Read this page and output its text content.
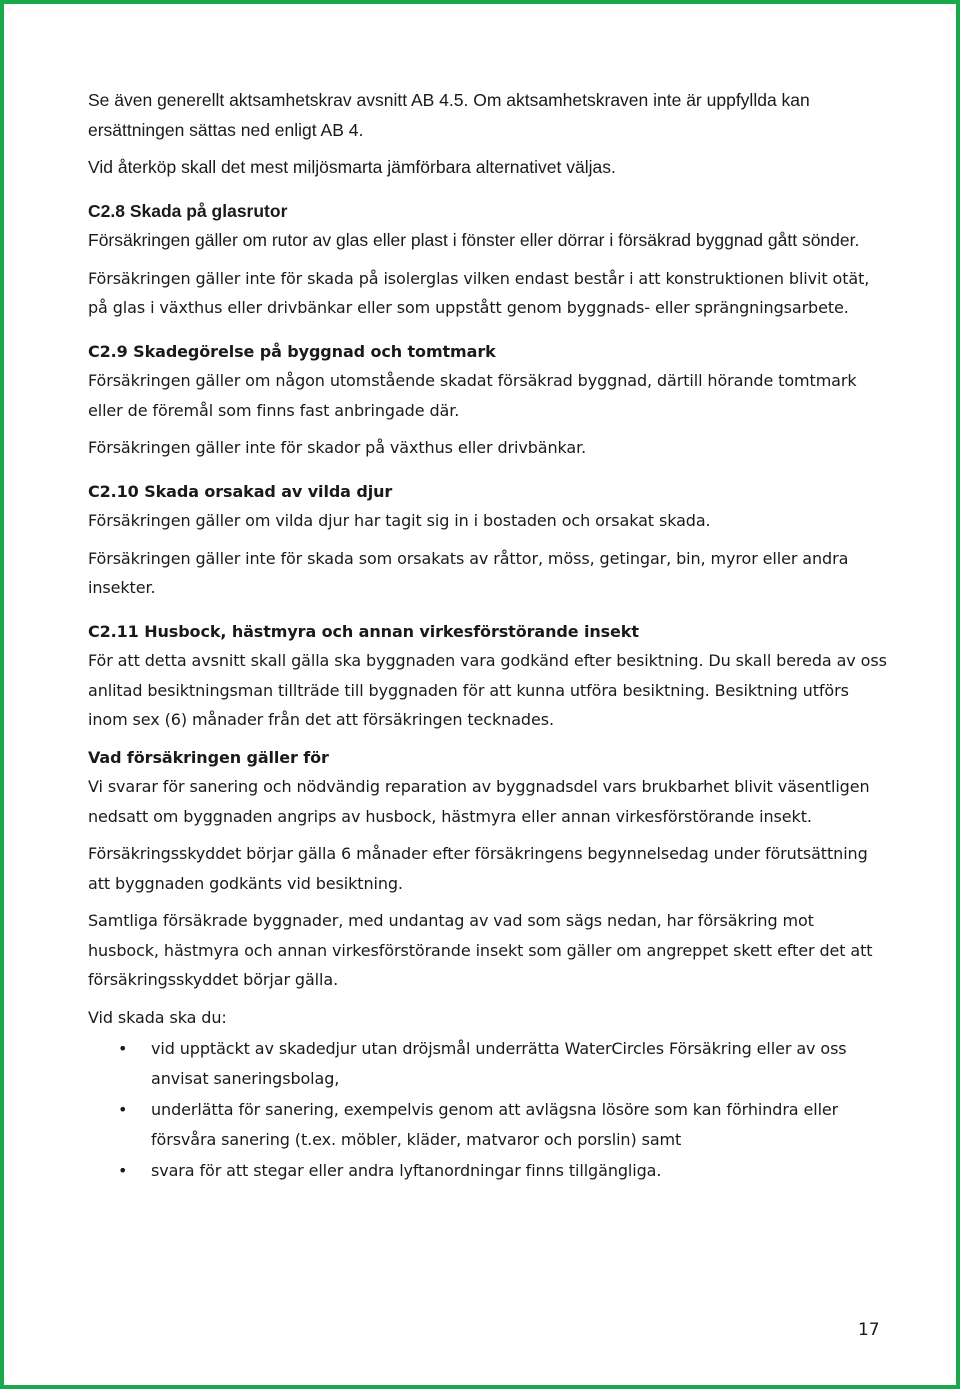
Se även generellt aktsamhetskrav avsnitt AB 4.5. Om aktsamhetskraven inte är uppfyllda kan ersättningen sättas ned enligt AB 4.

Vid återköp skall det mest miljösmarta jämförbara alternativet väljas.

C2.8 Skada på glasrutor

Försäkringen gäller om rutor av glas eller plast i fönster eller dörrar i försäkrad byggnad gått sönder.

Försäkringen gäller inte för skada på isolerglas vilken endast består i att konstruktionen blivit otät, på glas i växthus eller drivbänkar eller som uppstått genom byggnads- eller sprängningsarbete.

C2.9 Skadegörelse på byggnad och tomtmark

Försäkringen gäller om någon utomstående skadat försäkrad byggnad, därtill hörande tomtmark eller de föremål som finns fast anbringade där.

Försäkringen gäller inte för skador på växthus eller drivbänkar.

C2.10 Skada orsakad av vilda djur

Försäkringen gäller om vilda djur har tagit sig in i bostaden och orsakat skada.

Försäkringen gäller inte för skada som orsakats av råttor, möss, getingar, bin, myror eller andra insekter.

C2.11 Husbock, hästmyra och annan virkesförstörande insekt

För att detta avsnitt skall gälla ska byggnaden vara godkänd efter besiktning. Du skall bereda av oss anlitad besiktningsman tillträde till byggnaden för att kunna utföra besiktning. Besiktning utförs inom sex (6) månader från det att försäkringen tecknades.

Vad försäkringen gäller för

Vi svarar för sanering och nödvändig reparation av byggnadsdel vars brukbarhet blivit väsentligen nedsatt om byggnaden angrips av husbock, hästmyra eller annan virkesförstörande insekt.

Försäkringsskyddet börjar gälla 6 månader efter försäkringens begynnelsedag under förutsättning att byggnaden godkänts vid besiktning.

Samtliga försäkrade byggnader, med undantag av vad som sägs nedan, har försäkring mot husbock, hästmyra och annan virkesförstörande insekt som gäller om angreppet skett efter det att försäkringsskyddet börjar gälla.

Vid skada ska du:

• vid upptäckt av skadedjur utan dröjsmål underrätta WaterCircles Försäkring eller av oss anvisat saneringsbolag,
• underlätta för sanering, exempelvis genom att avlägsna lösöre som kan förhindra eller försvåra sanering (t.ex. möbler, kläder, matvaror och porslin) samt
• svara för att stegar eller andra lyftanordningar finns tillgängliga.
17
